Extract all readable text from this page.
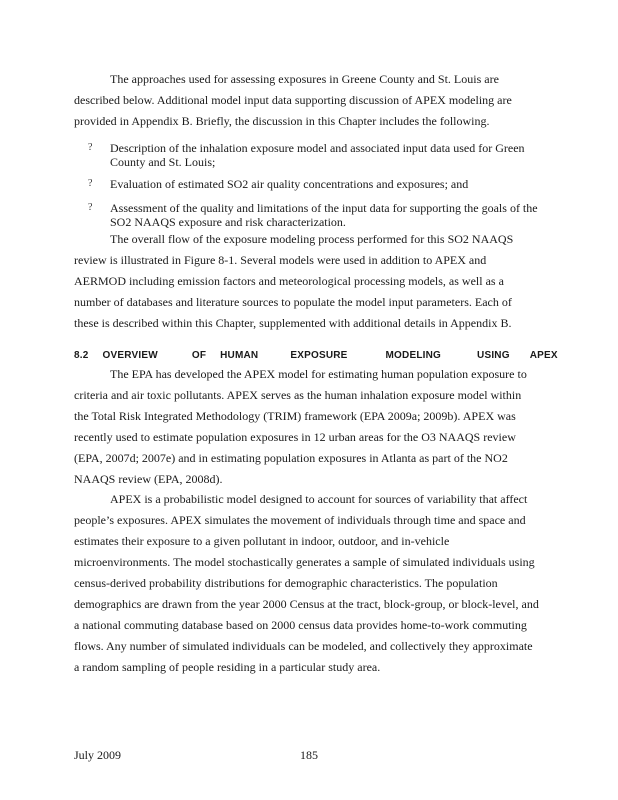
The approaches used for assessing exposures in Greene County and St. Louis are

described below. Additional model input data supporting discussion of APEX modeling are

provided in Appendix B. Briefly, the discussion in this Chapter includes the following.

? Description of the inhalation exposure model and associated input data used for Green
County and St. Louis;
? Evaluation of estimated SO2 air quality concentrations and exposures; and
? Assessment of the quality and limitations of the input data for supporting the goals of the
SO2 NAAQS exposure and risk characterization.

The overall flow of the exposure modeling process performed for this SO2 NAAQS

review is illustrated in Figure 8-1. Several models were used in addition to APEX and

AERMOD including emission factors and meteorological processing models, as well as a

number of databases and literature sources to populate the model input parameters. Each of

these is described within this Chapter, supplemented with additional details in Appendix B.

8.2 OVERVIEW	OF HUMAN	EXPOSURE	MODELING	USING APEX

The EPA has developed the APEX model for estimating human population exposure to

criteria and air toxic pollutants. APEX serves as the human inhalation exposure model within

the Total Risk Integrated Methodology (TRIM) framework (EPA 2009a; 2009b). APEX was

recently used to estimate population exposures in 12 urban areas for the O3 NAAQS review

(EPA, 2007d; 2007e) and in estimating population exposures in Atlanta as part of the NO2

NAAQS review (EPA, 2008d).

APEX is a probabilistic model designed to account for sources of variability that affect

people’s exposures. APEX simulates the movement of individuals through time and space and

estimates their exposure to a given pollutant in indoor, outdoor, and in-vehicle

microenvironments. The model stochastically generates a sample of simulated individuals using

census-derived probability distributions for demographic characteristics. The population

demographics are drawn from the year 2000 Census at the tract, block-group, or block-level, and

a national commuting database based on 2000 census data provides home-to-work commuting

flows. Any number of simulated individuals can be modeled, and collectively they approximate

a random sampling of people residing in a particular study area.

July 2009	185
